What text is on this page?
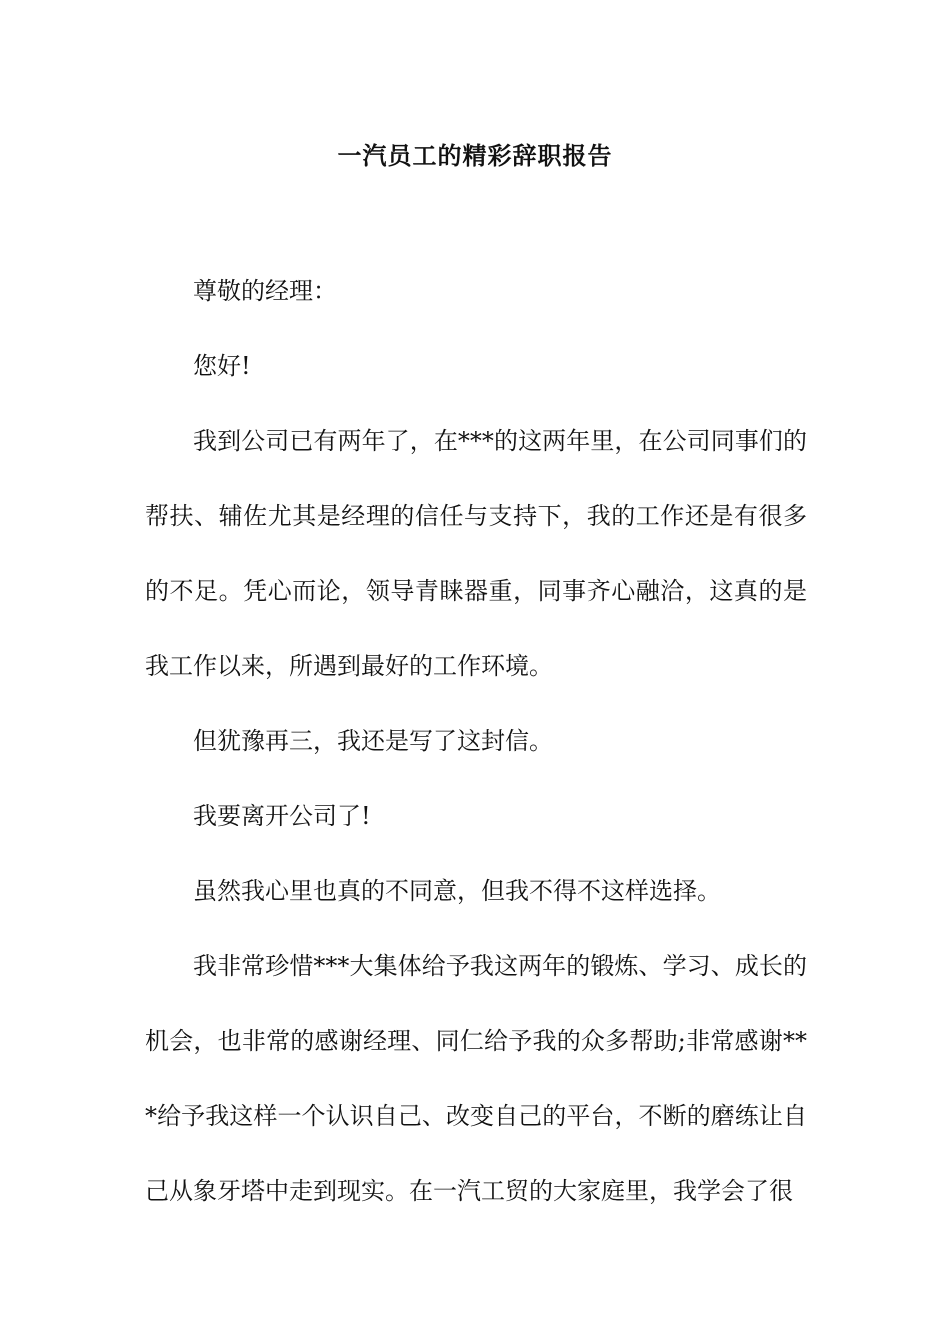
一汽员工的精彩辞职报告

尊敬的经理：

您好!

我到公司已有两年了，在***的这两年里，在公司同事们的帮扶、辅佐尤其是经理的信任与支持下，我的工作还是有很多的不足。凭心而论，领导青睐器重，同事齐心融洽，这真的是我工作以来，所遇到最好的工作环境。

但犹豫再三，我还是写了这封信。

我要离开公司了!

虽然我心里也真的不同意，但我不得不这样选择。

我非常珍惜***大集体给予我这两年的锻炼、学习、成长的机会，也非常的感谢经理、同仁给予我的众多帮助;非常感谢***给予我这样一个认识自己、改变自己的平台，不断的磨练让自己从象牙塔中走到现实。在一汽工贸的大家庭里，我学会了很
